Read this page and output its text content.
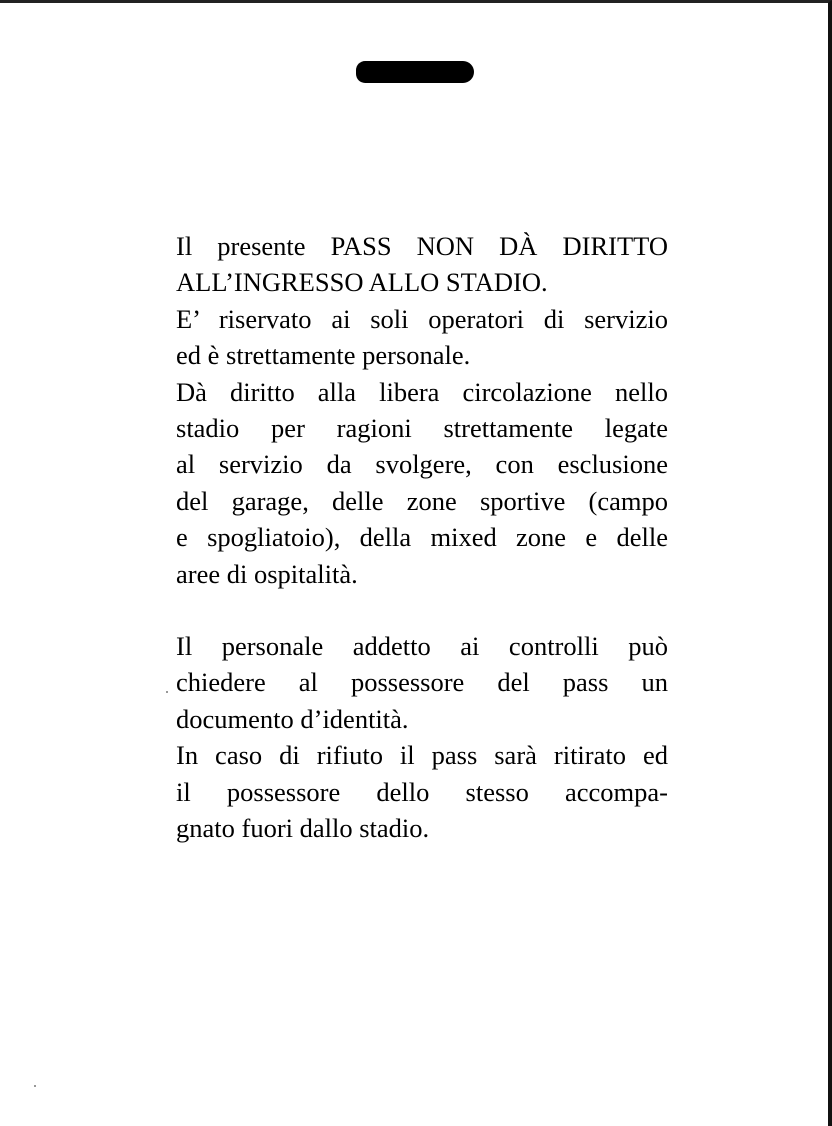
Il presente PASS NON DÀ DIRITTO
ALL’INGRESSO ALLO STADIO.

E’ riservato ai soli operatori di servizio
ed è strettamente personale.

Dà diritto alla libera circolazione nello
stadio per ragioni strettamente legate
al servizio da svolgere, con esclusione
del garage, delle zone sportive (campo
e spogliatoio), della mixed zone e delle
aree di ospitalità.

Il personale addetto ai controlli può
chiedere al possessore del pass un
documento d’identità.

In caso di rifiuto il pass sarà ritirato ed
il possessore dello stesso accompa-
gnato fuori dallo stadio.
